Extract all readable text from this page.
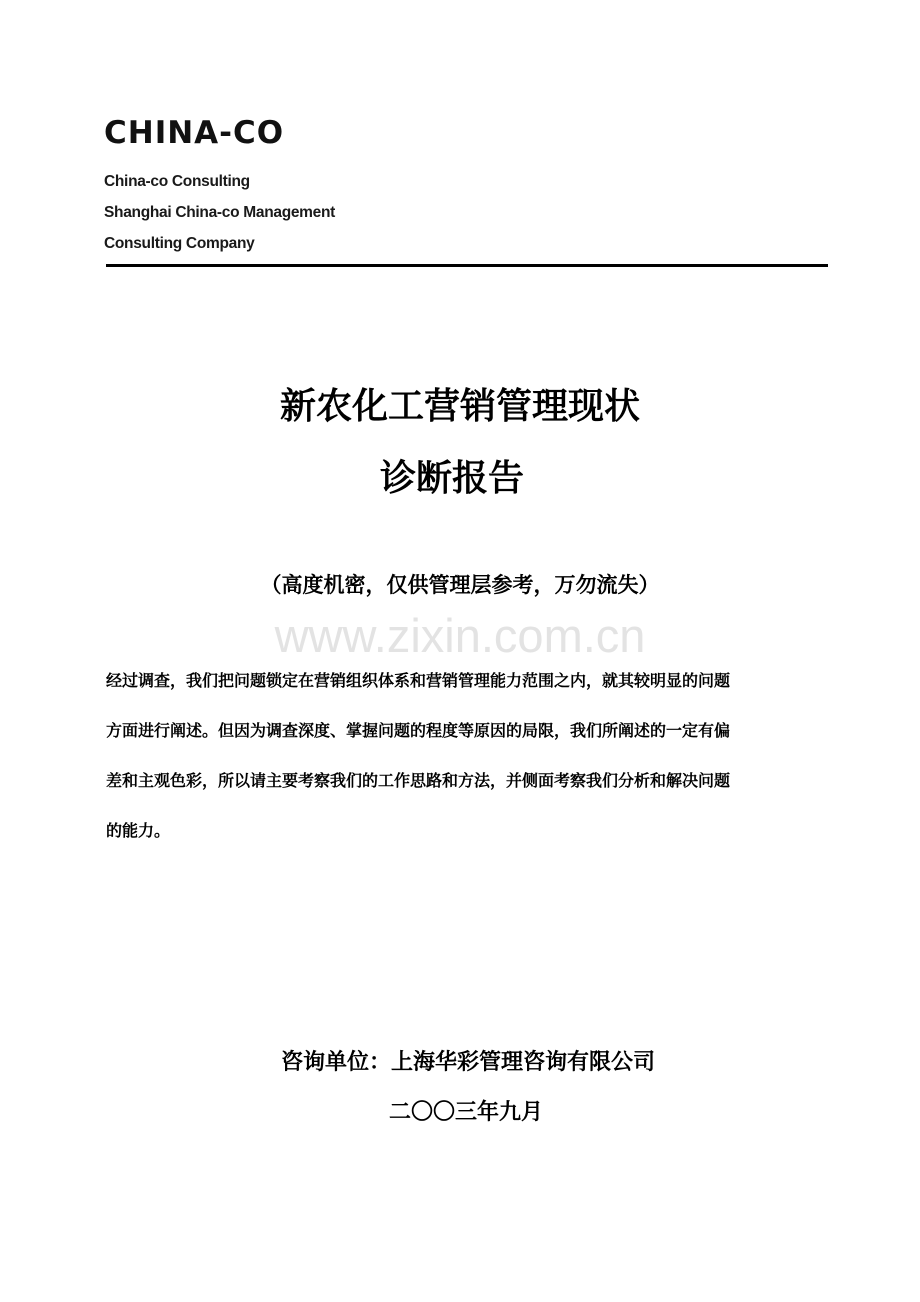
CHINA-CO
China-co Consulting
Shanghai China-co Management
Consulting Company
新农化工营销管理现状
诊断报告
（高度机密，仅供管理层参考，万勿流失）
www.zixin.com.cn
经过调查，我们把问题锁定在营销组织体系和营销管理能力范围之内，就其较明显的问题
方面进行阐述。但因为调查深度、掌握问题的程度等原因的局限，我们所阐述的一定有偏
差和主观色彩，所以请主要考察我们的工作思路和方法，并侧面考察我们分析和解决问题
的能力。
咨询单位：上海华彩管理咨询有限公司
二〇〇三年九月
